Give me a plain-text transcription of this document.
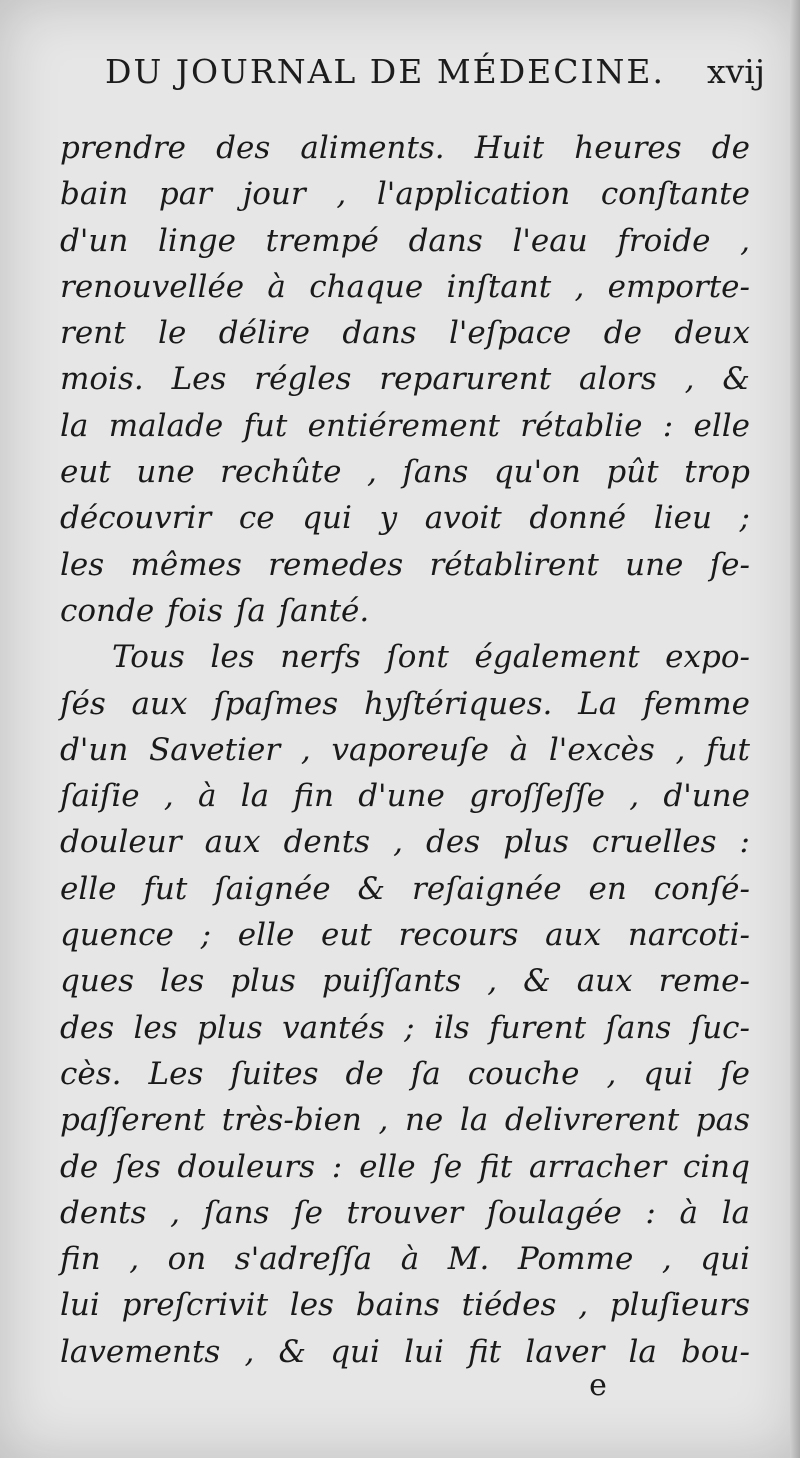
DU JOURNAL DE MÉDECINE. xvij
prendre des aliments. Huit heures de
bain par jour , l'application conſtante
d'un linge trempé dans l'eau froide ,
renouvellée à chaque inſtant , emporte-
rent le délire dans l'eſpace de deux
mois. Les régles reparurent alors , &
la malade fut entiérement rétablie : elle
eut une rechûte , ſans qu'on pût trop
découvrir ce qui y avoit donné lieu ;
les mêmes remedes rétablirent une ſe-
conde fois ſa ſanté.
Tous les nerfs ſont également expo-
ſés aux ſpaſmes hyſtériques. La femme
d'un Savetier , vaporeuſe à l'excès , fut
ſaiſie , à la fin d'une groſſeſſe , d'une
douleur aux dents , des plus cruelles :
elle fut ſaignée & reſaignée en conſé-
quence ; elle eut recours aux narcoti-
ques les plus puiſſants , & aux reme-
des les plus vantés ; ils furent ſans ſuc-
cès. Les ſuites de ſa couche , qui ſe
paſſerent très-bien , ne la delivrerent pas
de ſes douleurs : elle ſe fit arracher cinq
dents , ſans ſe trouver ſoulagée : à la
fin , on s'adreſſa à M. Pomme , qui
lui preſcrivit les bains tiédes , pluſieurs
lavements , & qui lui fit laver la bou-
e
